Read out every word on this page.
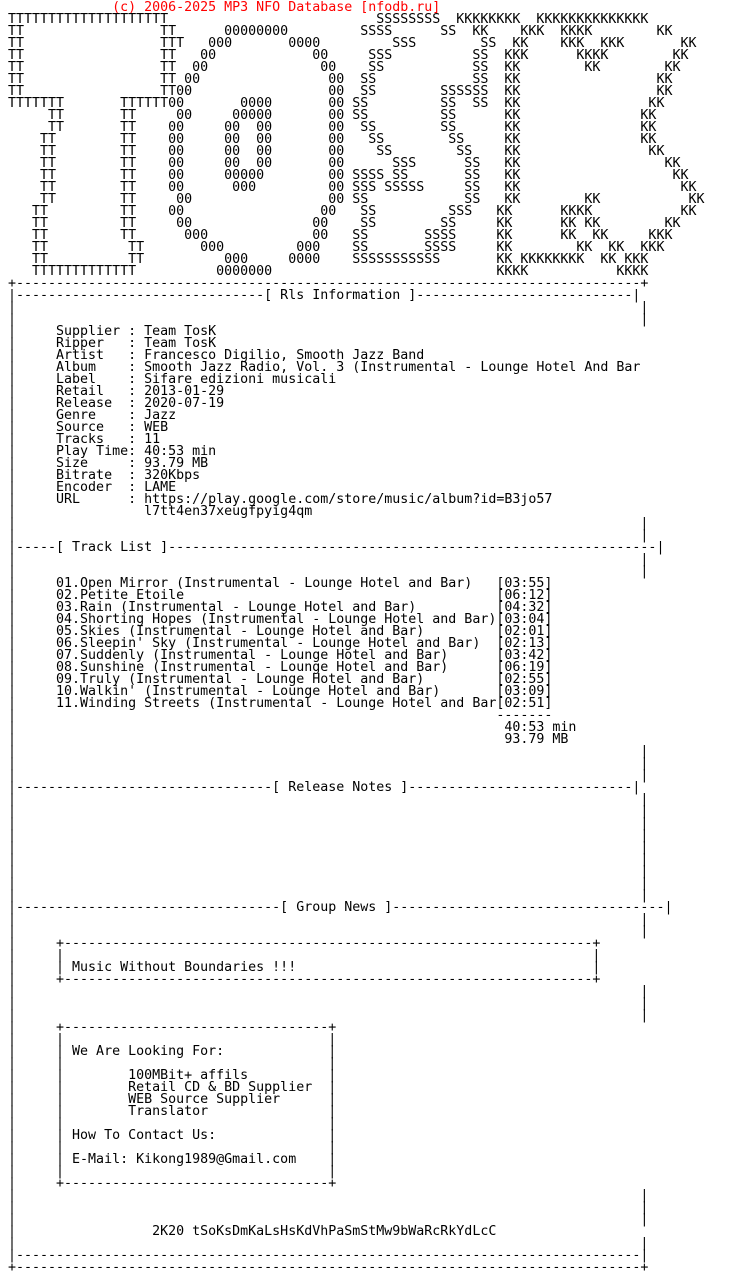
(c) 2006-2025 MP3 NFO Database [nfodb.ru]
TTTTTTTTTTTTTTTTTTTT                          SSSSSSSS  KKKKKKKK  KKKKKKKKKKKKKK
TT                 TT      00000000         SSSS      SS  KK    KKK  KKKK        KK
TT                 TTT   000       0000         SSS        SS  KK    KKK  KKK       KK
TT                 TT   00            00     SSS          SS  KKK      KKKK        KK
TT                 TT  00              00    SS           SS  KK        KK        KK
TT                 TT 00                00  SS            SS  KK                 KK
TT                 TT00                 00  SS        SSSSSS  KK                 KK
TTTTTTT       TTTTTT00       0000       00 SS         SS  SS  KK                KK
TT       TT     00     00000       00 SS         SS      KK               KK
TT       TT    00     00  00       00  SS        SS      KK               KK
TT        TT    00     00  00       00   SS        SS     KK               KK
TT        TT    00     00  00       00    SS        SS    KK                KK
TT        TT    00     00  00       00      SSS      SS   KK                  KK
TT        TT    00     00000        00 SSSS SS       SS   KK                   KK
TT        TT    00      000         00 SSS SSSSS     SS   KK                    KK
TT        TT     00                 00 SS            SS   KK        KK           KK
TT         TT    00                 00   SS         SSS   KK      KKKK           KK
TT         TT     00               00    SS        SS     KK      KK KK        KK
TT         TT      000             00   SS       SSSS     KK      KK  KK     KKK
TT          TT       000         000    SS       SSSS     KK        KK  KK  KKK
TT          TT          000     0000    SSSSSSSSSSS       KK KKKKKKKK  KK KKK
TTTTTTTTTTTTT          0000000                            KKKK           KKKK
+------------------------------------------------------------------------------+
|-------------------------------[ Rls Information ]---------------------------|
|                                                                              |
|                                                                              |
|     Supplier : Team TosK
|     Ripper   : Team TosK
|     Artist   : Francesco Digilio, Smooth Jazz Band
|     Album    : Smooth Jazz Radio, Vol. 3 (Instrumental - Lounge Hotel And Bar
|     Label    : Sifare edizioni musicali
|     Retail   : 2013-01-29
|     Release  : 2020-07-19
|     Genre    : Jazz
|     Source   : WEB
|     Tracks   : 11
|     Play Time: 40:53 min
|     Size     : 93.79 MB
|     Bitrate  : 320Kbps
|     Encoder  : LAME
|     URL      : https://play.google.com/store/music/album?id=B3jo57
|                l7tt4en37xeugfpyig4qm
|                                                                              |
|                                                                              |
|-----[ Track List ]-------------------------------------------------------------|
|                                                                              |
|                                                                              |
|     01.Open Mirror (Instrumental - Lounge Hotel and Bar)   [03:55]
|     02.Petite Etoile                                       [06:12]
|     03.Rain (Instrumental - Lounge Hotel and Bar)          [04:32]
|     04.Shorting Hopes (Instrumental - Lounge Hotel and Bar)[03:04]
|     05.Skies (Instrumental - Lounge Hotel and Bar)         [02:01]
|     06.Sleepin' Sky (Instrumental - Lounge Hotel and Bar)  [02:13]
|     07.Suddenly (Instrumental - Lounge Hotel and Bar)      [03:42]
|     08.Sunshine (Instrumental - Lounge Hotel and Bar)      [06:19]
|     09.Truly (Instrumental - Lounge Hotel and Bar)         [02:55]
|     10.Walkin' (Instrumental - Lounge Hotel and Bar)       [03:09]
|     11.Winding Streets (Instrumental - Lounge Hotel and Bar[02:51]
|                                                            -------
|                                                             40:53 min
|                                                             93.79 MB
|                                                                              |
|                                                                              |
|                                                                              |
|--------------------------------[ Release Notes ]----------------------------|
|                                                                              |
|                                                                              |
|                                                                              |
|                                                                              |
|                                                                              |
|                                                                              |
|                                                                              |
|                                                                              |
|                                                                              |
|---------------------------------[ Group News ]----------------------------------|
|                                                                              |
|                                                                              |
|     +------------------------------------------------------------------+
|     |                                                                  |
|     | Music Without Boundaries !!!                                     |
|     +------------------------------------------------------------------+
|                                                                              |
|                                                                              |
|                                                                              |
|     +---------------------------------+
|     |                                 |
|     | We Are Looking For:             |
|     |                                 |
|     |        100MBit+ affils          |
|     |        Retail CD & BD Supplier  |
|     |        WEB Source Supplier      |
|     |        Translator               |
|     |                                 |
|     | How To Contact Us:              |
|     |                                 |
|     | E-Mail: Kikong1989@Gmail.com    |
|     |                                 |
|     +---------------------------------+
|                                                                              |
|                                                                              |
|                                                                              |
|                 2K20 tSoKsDmKaLsHsKdVhPaSmStMw9bWaRcRkYdLcC
|                                                                              |
|------------------------------------------------------------------------------|
+------------------------------------------------------------------------------+
